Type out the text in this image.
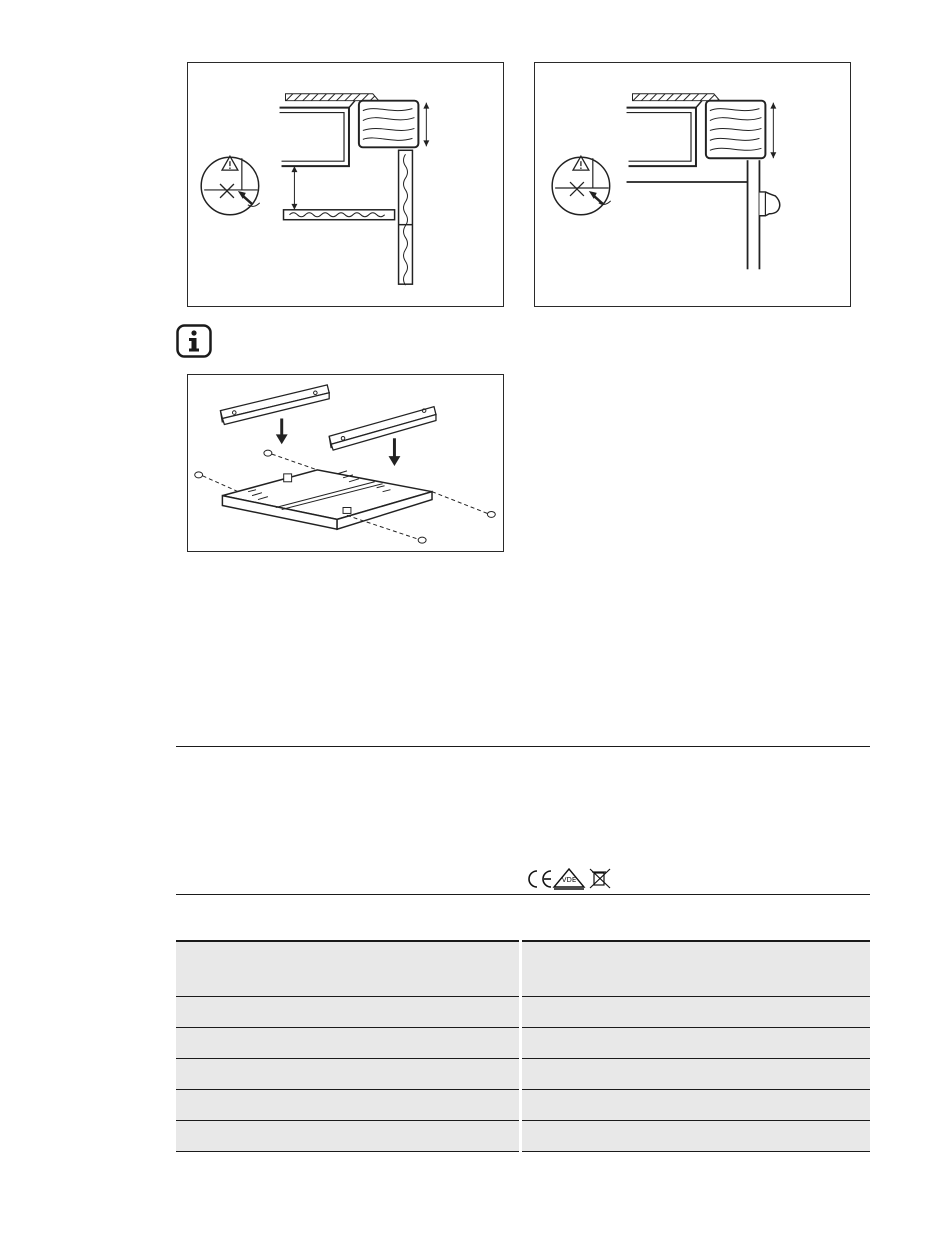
VDE
